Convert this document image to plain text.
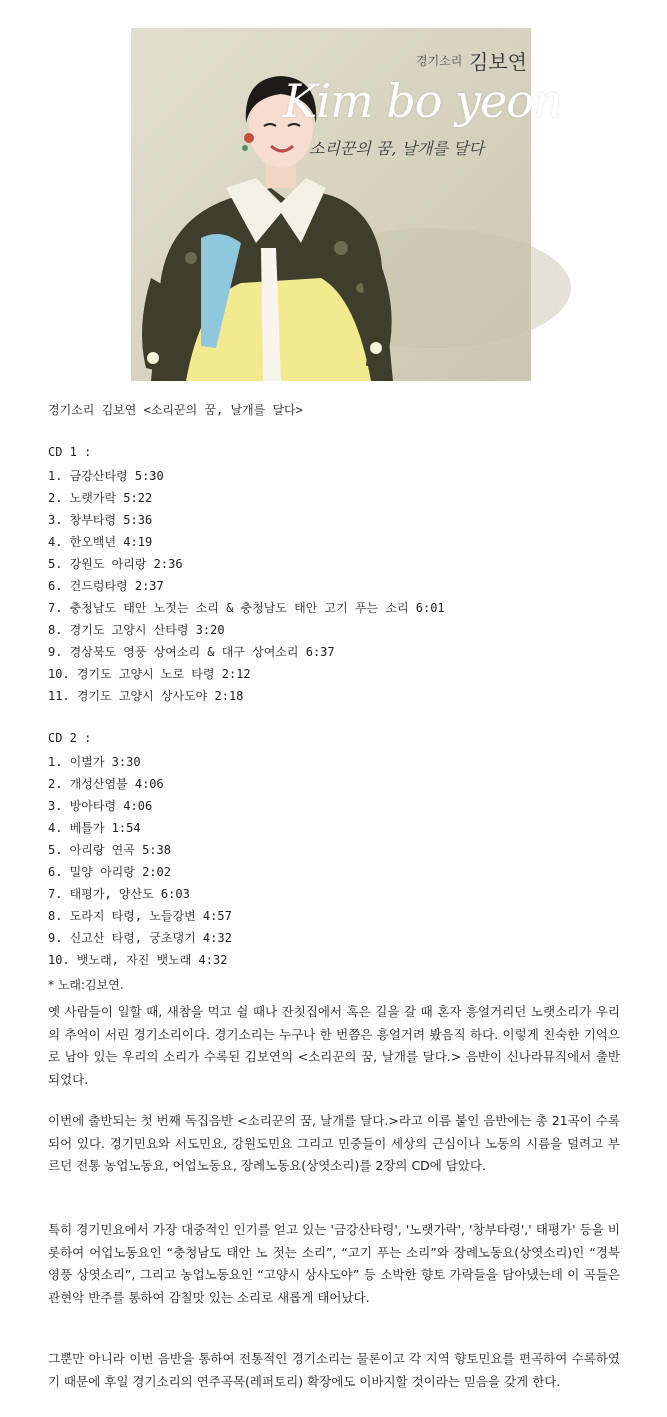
경기소리 김보연
Kim bo yeon
소리꾼의 꿈, 날개를 달다
경기소리 김보연 <소리꾼의 꿈, 날개를 달다>
CD 1 :
1. 금강산타령 5:30
2. 노랫가락 5:22
3. 창부타령 5:36
4. 한오백년 4:19
5. 강원도 아리랑 2:36
6. 건드렁타령 2:37
7. 충청남도 태안 노젓는 소리 & 충청남도 태안 고기 푸는 소리 6:01
8. 경기도 고양시 산타령 3:20
9. 경상북도 영풍 상여소리 & 대구 상여소리 6:37
10. 경기도 고양시 노로 타령 2:12
11. 경기도 고양시 상사도야 2:18
CD 2 :
1. 이별가 3:30
2. 개성산염불 4:06
3. 방아타령 4:06
4. 베틀가 1:54
5. 아리랑 연곡 5:38
6. 밀양 아리랑 2:02
7. 태평가, 양산도 6:03
8. 도라지 타령, 노들강변 4:57
9. 신고산 타령, 궁초댕기 4:32
10. 뱃노래, 자진 뱃노래 4:32
* 노래:김보연.

옛 사람들이 일할 때, 새참을 먹고 쉴 때나 잔칫집에서 혹은 길을 갈 때 혼자 흥얼거리던 노랫소리가 우리의 추억이 서린 경기소리이다. 경기소리는 누구나 한 번쯤은 흥얼거려 봤음직 하다. 이렇게 친숙한 기억으로 남아 있는 우리의 소리가 수록된 김보연의 <소리꾼의 꿈, 날개를 달다.> 음반이 신나라뮤직에서 출반되었다.

이번에 출반되는 첫 번째 독집음반 <소리꾼의 꿈, 날개를 달다.>라고 이름 붙인 음반에는 총 21곡이 수록되어 있다. 경기민요와 서도민요, 강원도민요 그리고 민중들이 세상의 근심이나 노동의 시름을 덜려고 부르던 전통 농업노동요, 어업노동요, 장례노동요(상엿소리)를 2장의 CD에 담았다.

특히 경기민요에서 가장 대중적인 인기를 얻고 있는 '금강산타령', '노랫가락', '창부타령',' 태평가' 등을 비롯하여 어업노동요인 “충청남도 태안 노 젓는 소리”, “고기 푸는 소리”와 장례노동요(상엿소리)인 “경북 영풍 상엿소리”, 그리고 농업노동요인 “고양시 상사도야” 등 소박한 향토 가락들을 담아냈는데 이 곡들은 관현악 반주를 통하여 감칠맛 있는 소리로 새롭게 태어났다.

그뿐만 아니라 이번 음반을 통하여 전통적인 경기소리는 물론이고 각 지역 향토민요를 편곡하여 수록하였기 때문에 후일 경기소리의 연주곡목(레퍼토리) 확장에도 이바지할 것이라는 믿음을 갖게 한다.
